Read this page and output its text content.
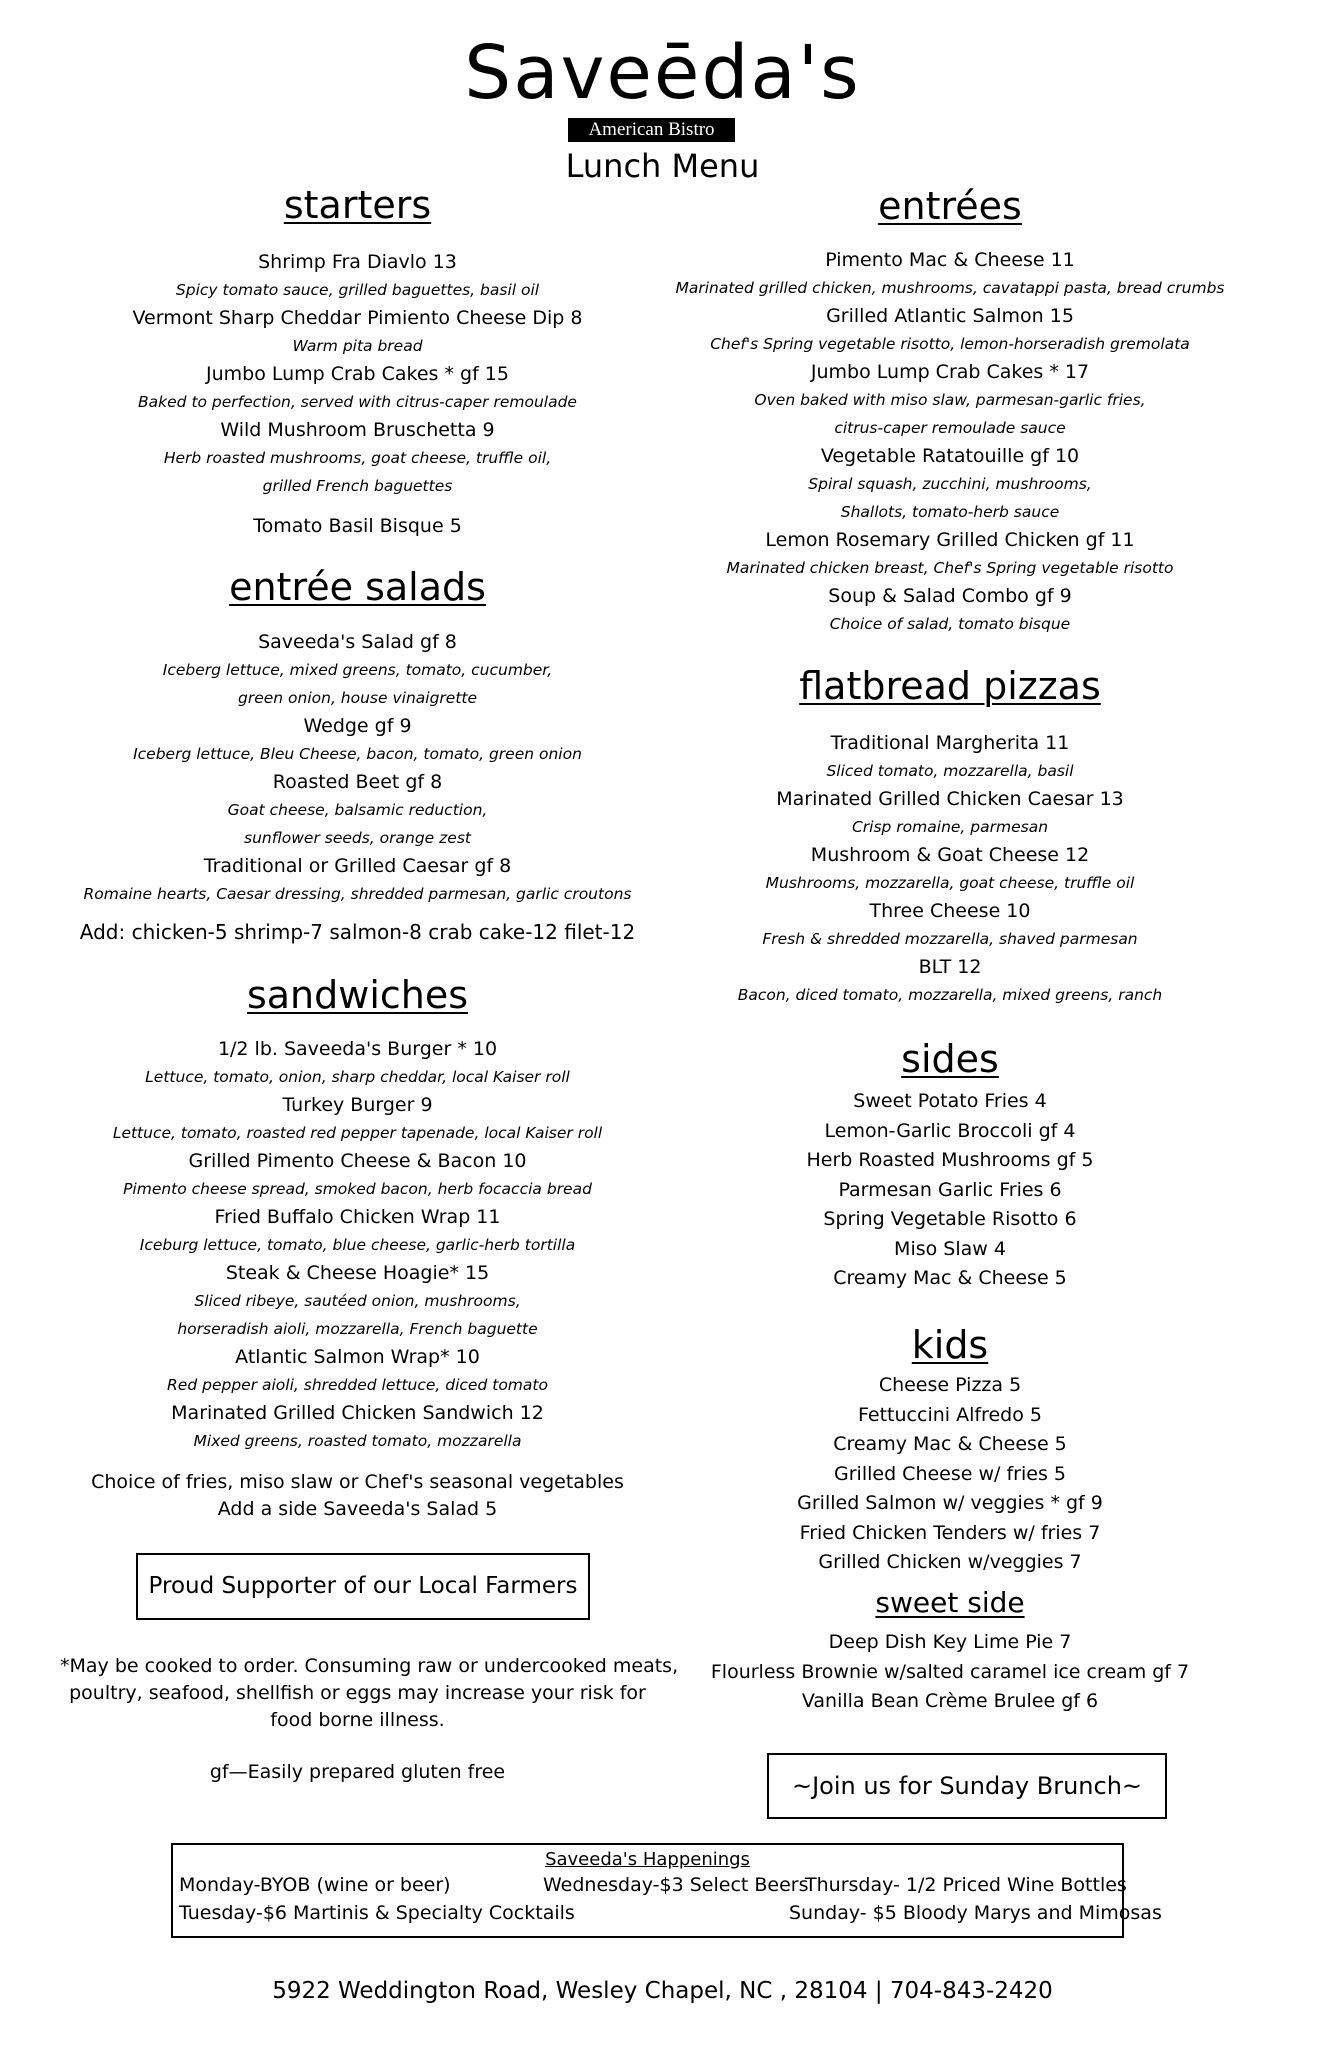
Saveēda's
American Bistro
Lunch Menu
starters
Shrimp Fra Diavlo 13
Spicy tomato sauce, grilled baguettes, basil oil
Vermont Sharp Cheddar Pimiento Cheese Dip 8
Warm pita bread
Jumbo Lump Crab Cakes * gf 15
Baked to perfection, served with citrus-caper remoulade
Wild Mushroom Bruschetta 9
Herb roasted mushrooms, goat cheese, truffle oil,
grilled French baguettes
Tomato Basil Bisque 5
entrée salads
Saveeda's Salad gf 8
Iceberg lettuce, mixed greens, tomato, cucumber,
green onion, house vinaigrette
Wedge gf 9
Iceberg lettuce, Bleu Cheese, bacon, tomato, green onion
Roasted Beet gf 8
Goat cheese, balsamic reduction,
sunflower seeds, orange zest
Traditional or Grilled Caesar gf 8
Romaine hearts, Caesar dressing, shredded parmesan, garlic croutons
Add: chicken-5 shrimp-7 salmon-8 crab cake-12 filet-12
sandwiches
1/2 lb. Saveeda's Burger * 10
Lettuce, tomato, onion, sharp cheddar, local Kaiser roll
Turkey Burger 9
Lettuce, tomato, roasted red pepper tapenade, local Kaiser roll
Grilled Pimento Cheese & Bacon 10
Pimento cheese spread, smoked bacon, herb focaccia bread
Fried Buffalo Chicken Wrap 11
Iceburg lettuce, tomato, blue cheese, garlic-herb tortilla
Steak & Cheese Hoagie* 15
Sliced ribeye, sautéed onion, mushrooms,
horseradish aioli, mozzarella, French baguette
Atlantic Salmon Wrap* 10
Red pepper aioli, shredded lettuce, diced tomato
Marinated Grilled Chicken Sandwich 12
Mixed greens, roasted tomato, mozzarella
Choice of fries, miso slaw or Chef's seasonal vegetables
Add a side Saveeda's Salad 5
Proud Supporter of our Local Farmers
*May be cooked to order. Consuming raw or undercooked meats,
poultry, seafood, shellfish or eggs may increase your risk for
food borne illness.
gf—Easily prepared gluten free
entrées
Pimento Mac & Cheese 11
Marinated grilled chicken, mushrooms, cavatappi pasta, bread crumbs
Grilled Atlantic Salmon 15
Chef's Spring vegetable risotto, lemon-horseradish gremolata
Jumbo Lump Crab Cakes * 17
Oven baked with miso slaw, parmesan-garlic fries,
citrus-caper remoulade sauce
Vegetable Ratatouille gf 10
Spiral squash, zucchini, mushrooms,
Shallots, tomato-herb sauce
Lemon Rosemary Grilled Chicken gf 11
Marinated chicken breast, Chef's Spring vegetable risotto
Soup & Salad Combo gf 9
Choice of salad, tomato bisque
flatbread pizzas
Traditional Margherita 11
Sliced tomato, mozzarella, basil
Marinated Grilled Chicken Caesar 13
Crisp romaine, parmesan
Mushroom & Goat Cheese 12
Mushrooms, mozzarella, goat cheese, truffle oil
Three Cheese 10
Fresh & shredded mozzarella, shaved parmesan
BLT 12
Bacon, diced tomato, mozzarella, mixed greens, ranch
sides
Sweet Potato Fries 4
Lemon-Garlic Broccoli gf 4
Herb Roasted Mushrooms gf 5
Parmesan Garlic Fries 6
Spring Vegetable Risotto 6
Miso Slaw 4
Creamy Mac & Cheese 5
kids
Cheese Pizza 5
Fettuccini Alfredo 5
Creamy Mac & Cheese 5
Grilled Cheese w/ fries 5
Grilled Salmon w/ veggies * gf 9
Fried Chicken Tenders w/ fries 7
Grilled Chicken w/veggies 7
sweet side
Deep Dish Key Lime Pie 7
Flourless Brownie w/salted caramel ice cream gf 7
Vanilla Bean Crème Brulee gf 6
~Join us for Sunday Brunch~
Saveeda's Happenings
Monday-BYOB (wine or beer)	Wednesday-$3 Select Beers
Thursday- 1/2 Priced Wine Bottles
Tuesday-$6 Martinis & Specialty Cocktails	Sunday- $5 Bloody Marys and Mimosas
5922 Weddington Road, Wesley Chapel, NC , 28104 | 704-843-2420
